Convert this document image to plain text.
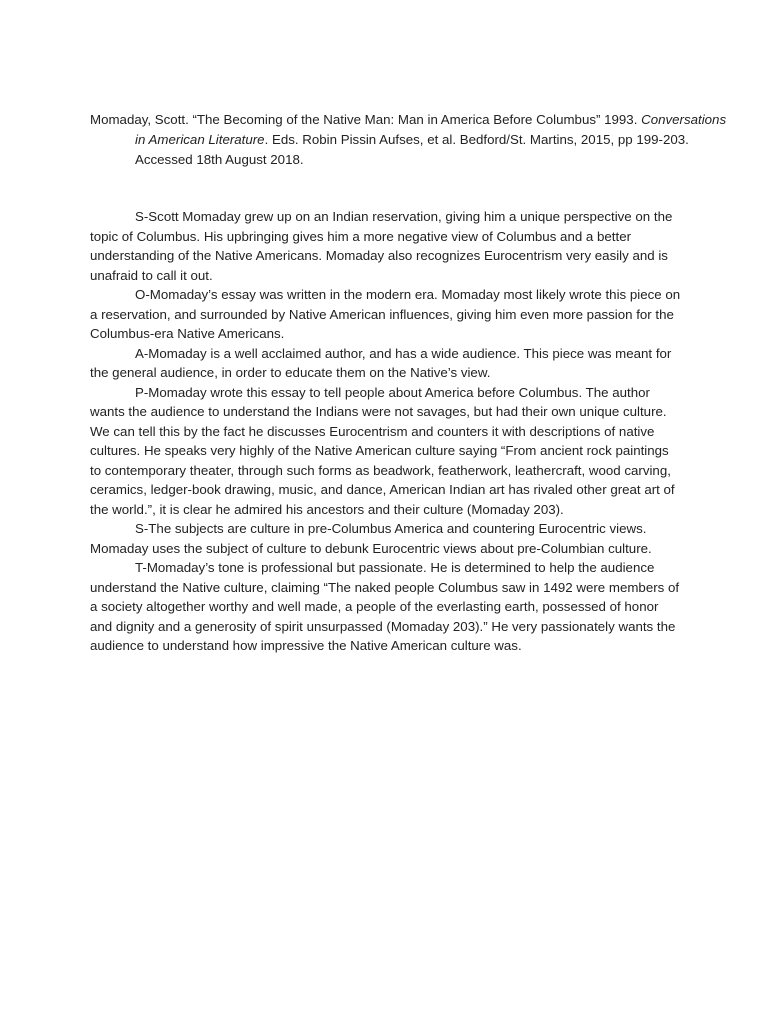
Momaday, Scott. “The Becoming of the Native Man: Man in America Before Columbus” 1993. Conversations in American Literature. Eds. Robin Pissin Aufses, et al. Bedford/St. Martins, 2015, pp 199-203. Accessed 18th August 2018.

S-Scott Momaday grew up on an Indian reservation, giving him a unique perspective on the topic of Columbus. His upbringing gives him a more negative view of Columbus and a better understanding of the Native Americans. Momaday also recognizes Eurocentrism very easily and is unafraid to call it out.

O-Momaday’s essay was written in the modern era. Momaday most likely wrote this piece on a reservation, and surrounded by Native American influences, giving him even more passion for the Columbus-era Native Americans.

A-Momaday is a well acclaimed author, and has a wide audience. This piece was meant for the general audience, in order to educate them on the Native’s view.

P-Momaday wrote this essay to tell people about America before Columbus. The author wants the audience to understand the Indians were not savages, but had their own unique culture. We can tell this by the fact he discusses Eurocentrism and counters it with descriptions of native cultures. He speaks very highly of the Native American culture saying “From ancient rock paintings to contemporary theater, through such forms as beadwork, featherwork, leathercraft, wood carving, ceramics, ledger-book drawing, music, and dance, American Indian art has rivaled other great art of the world.”, it is clear he admired his ancestors and their culture (Momaday 203).

S-The subjects are culture in pre-Columbus America and countering Eurocentric views. Momaday uses the subject of culture to debunk Eurocentric views about pre-Columbian culture.

T-Momaday’s tone is professional but passionate. He is determined to help the audience understand the Native culture, claiming “The naked people Columbus saw in 1492 were members of a society altogether worthy and well made, a people of the everlasting earth, possessed of honor and dignity and a generosity of spirit unsurpassed (Momaday 203).” He very passionately wants the audience to understand how impressive the Native American culture was.
